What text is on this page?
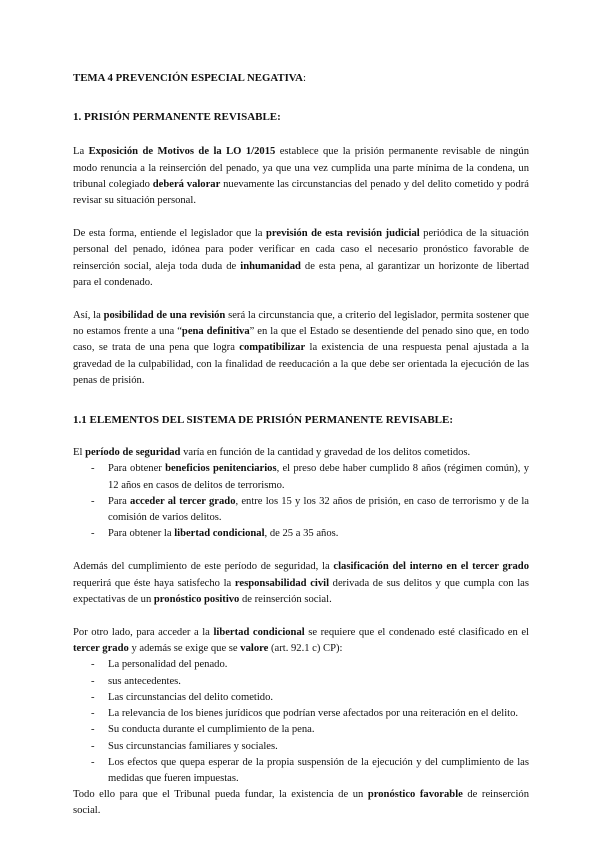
TEMA 4 PREVENCIÓN ESPECIAL NEGATIVA:

1. PRISIÓN PERMANENTE REVISABLE:

La Exposición de Motivos de la LO 1/2015 establece que la prisión permanente revisable de ningún modo renuncia a la reinserción del penado, ya que una vez cumplida una parte mínima de la condena, un tribunal colegiado deberá valorar nuevamente las circunstancias del penado y del delito cometido y podrá revisar su situación personal.

De esta forma, entiende el legislador que la previsión de esta revisión judicial periódica de la situación personal del penado, idónea para poder verificar en cada caso el necesario pronóstico favorable de reinserción social, aleja toda duda de inhumanidad de esta pena, al garantizar un horizonte de libertad para el condenado.

Así, la posibilidad de una revisión será la circunstancia que, a criterio del legislador, permita sostener que no estamos frente a una “pena definitiva” en la que el Estado se desentiende del penado sino que, en todo caso, se trata de una pena que logra compatibilizar la existencia de una respuesta penal ajustada a la gravedad de la culpabilidad, con la finalidad de reeducación a la que debe ser orientada la ejecución de las penas de prisión.

1.1 ELEMENTOS DEL SISTEMA DE PRISIÓN PERMANENTE REVISABLE:

El período de seguridad varía en función de la cantidad y gravedad de los delitos cometidos.

- Para obtener beneficios penitenciarios, el preso debe haber cumplido 8 años (régimen común), y 12 años en casos de delitos de terrorismo.
- Para acceder al tercer grado, entre los 15 y los 32 años de prisión, en caso de terrorismo y de la comisión de varios delitos.
- Para obtener la libertad condicional, de 25 a 35 años.

Además del cumplimiento de este período de seguridad, la clasificación del interno en el tercer grado requerirá que éste haya satisfecho la responsabilidad civil derivada de sus delitos y que cumpla con las expectativas de un pronóstico positivo de reinserción social.

Por otro lado, para acceder a la libertad condicional se requiere que el condenado esté clasificado en el tercer grado y además se exige que se valore (art. 92.1 c) CP):

- La personalidad del penado.
- sus antecedentes.
- Las circunstancias del delito cometido.
- La relevancia de los bienes jurídicos que podrían verse afectados por una reiteración en el delito.
- Su conducta durante el cumplimiento de la pena.
- Sus circunstancias familiares y sociales.
- Los efectos que quepa esperar de la propia suspensión de la ejecución y del cumplimiento de las medidas que fueren impuestas.

Todo ello para que el Tribunal pueda fundar, la existencia de un pronóstico favorable de reinserción social.
